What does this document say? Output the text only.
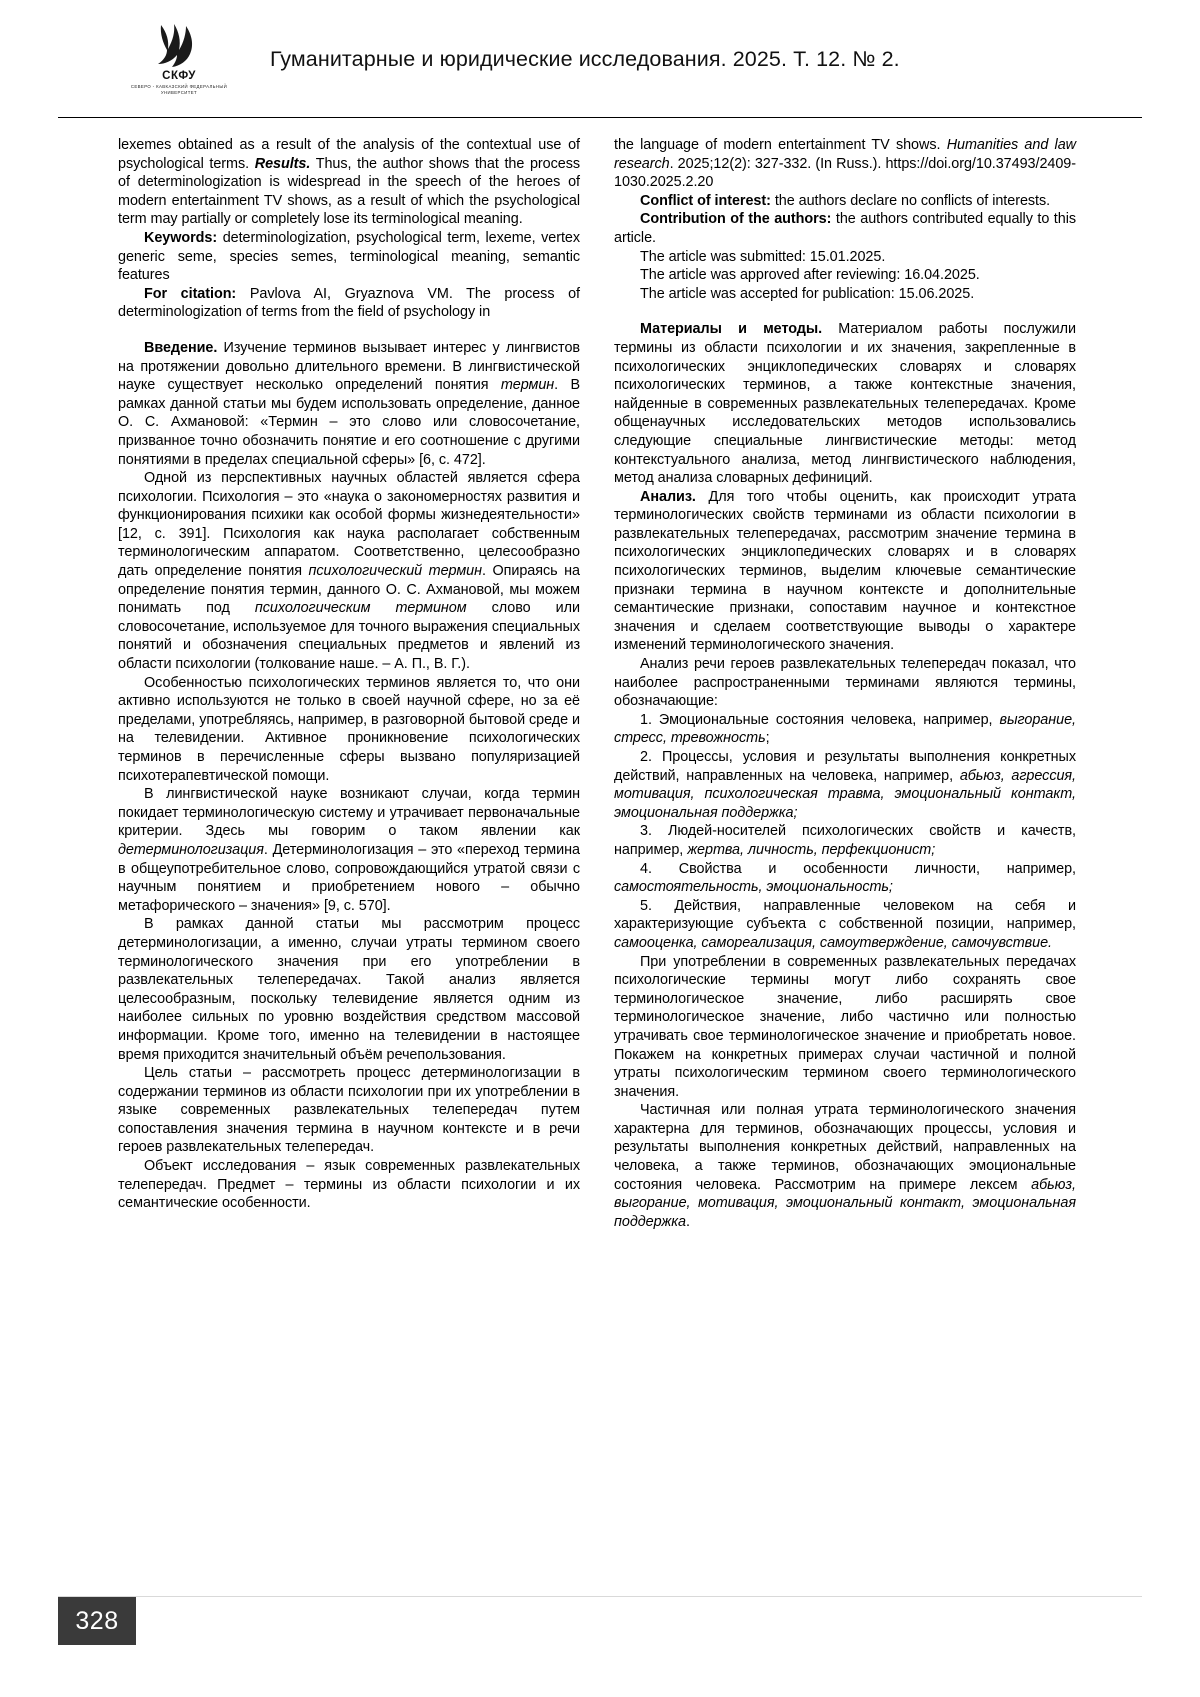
СКФУ
СЕВЕРО - КАВКАЗСКИЙ ФЕДЕРАЛЬНЫЙ УНИВЕРСИТЕТ
Гуманитарные и юридические исследования. 2025. Т. 12. № 2.

lexemes obtained as a result of the analysis of the contextual use of psychological terms. Results. Thus, the author shows that the process of determinologization is widespread in the speech of the heroes of modern entertainment TV shows, as a result of which the psychological term may partially or completely lose its terminological meaning.

Keywords: determinologization, psychological term, lexeme, vertex generic seme, species semes, terminological meaning, semantic features

For citation: Pavlova AI, Gryaznova VM. The process of determinologization of terms from the field of psychology in

Введение. Изучение терминов вызывает интерес у лингвистов на протяжении довольно длительного времени. В лингвистической науке существует несколько определений понятия термин. В рамках данной статьи мы будем использовать определение, данное О. С. Ахмановой: «Термин – это слово или словосочетание, призванное точно обозначить понятие и его соотношение с другими понятиями в пределах специальной сферы» [6, с. 472].

Одной из перспективных научных областей является сфера психологии. Психология – это «наука о закономерностях развития и функционирования психики как особой формы жизнедеятельности» [12, с. 391]. Психология как наука располагает собственным терминологическим аппаратом. Соответственно, целесообразно дать определение понятия психологический термин. Опираясь на определение понятия термин, данного О. С. Ахмановой, мы можем понимать под психологическим термином слово или словосочетание, используемое для точного выражения специальных понятий и обозначения специальных предметов и явлений из области психологии (толкование наше. – А. П., В. Г.).

Особенностью психологических терминов является то, что они активно используются не только в своей научной сфере, но за её пределами, употребляясь, например, в разговорной бытовой среде и на телевидении. Активное проникновение психологических терминов в перечисленные сферы вызвано популяризацией психотерапевтической помощи.

В лингвистической науке возникают случаи, когда термин покидает терминологическую систему и утрачивает первоначальные критерии. Здесь мы говорим о таком явлении как детерминологизация. Детерминологизация – это «переход термина в общеупотребительное слово, сопровождающийся утратой связи с научным понятием и приобретением нового – обычно метафорического – значения» [9, с. 570].

В рамках данной статьи мы рассмотрим процесс детерминологизации, а именно, случаи утраты термином своего терминологического значения при его употреблении в развлекательных телепередачах. Такой анализ является целесообразным, поскольку телевидение является одним из наиболее сильных по уровню воздействия средством массовой информации. Кроме того, именно на телевидении в настоящее время приходится значительный объём речепользования.

Цель статьи – рассмотреть процесс детерминологизации в содержании терминов из области психологии при их употреблении в языке современных развлекательных телепередач путем сопоставления значения термина в научном контексте и в речи героев развлекательных телепередач.

Объект исследования – язык современных развлекательных телепередач. Предмет – термины из области психологии и их семантические особенности.

the language of modern entertainment TV shows. Humanities and law research. 2025;12(2): 327-332. (In Russ.). https://doi.org/10.37493/2409-1030.2025.2.20

Conflict of interest: the authors declare no conflicts of interests.

Contribution of the authors: the authors contributed equally to this article.

The article was submitted: 15.01.2025.

The article was approved after reviewing: 16.04.2025.

The article was accepted for publication: 15.06.2025.

Материалы и методы. Материалом работы послужили термины из области психологии и их значения, закрепленные в психологических энциклопедических словарях и словарях психологических терминов, а также контекстные значения, найденные в современных развлекательных телепередачах. Кроме общенаучных исследовательских методов использовались следующие специальные лингвистические методы: метод контекстуального анализа, метод лингвистического наблюдения, метод анализа словарных дефиниций.

Анализ. Для того чтобы оценить, как происходит утрата терминологических свойств терминами из области психологии в развлекательных телепередачах, рассмотрим значение термина в психологических энциклопедических словарях и в словарях психологических терминов, выделим ключевые семантические признаки термина в научном контексте и дополнительные семантические признаки, сопоставим научное и контекстное значения и сделаем соответствующие выводы о характере изменений терминологического значения.

Анализ речи героев развлекательных телепередач показал, что наиболее распространенными терминами являются термины, обозначающие:

1. Эмоциональные состояния человека, например, выгорание, стресс, тревожность;

2. Процессы, условия и результаты выполнения конкретных действий, направленных на человека, например, абьюз, агрессия, мотивация, психологическая травма, эмоциональный контакт, эмоциональная поддержка;

3. Людей-носителей психологических свойств и качеств, например, жертва, личность, перфекционист;

4. Свойства и особенности личности, например, самостоятельность, эмоциональность;

5. Действия, направленные человеком на себя и характеризующие субъекта с собственной позиции, например, самооценка, самореализация, самоутверждение, самочувствие.

При употреблении в современных развлекательных передачах психологические термины могут либо сохранять свое терминологическое значение, либо расширять свое терминологическое значение, либо частично или полностью утрачивать свое терминологическое значение и приобретать новое. Покажем на конкретных примерах случаи частичной и полной утраты психологическим термином своего терминологического значения.

Частичная или полная утрата терминологического значения характерна для терминов, обозначающих процессы, условия и результаты выполнения конкретных действий, направленных на человека, а также терминов, обозначающих эмоциональные состояния человека. Рассмотрим на примере лексем абьюз, выгорание, мотивация, эмоциональный контакт, эмоциональная поддержка.

328
